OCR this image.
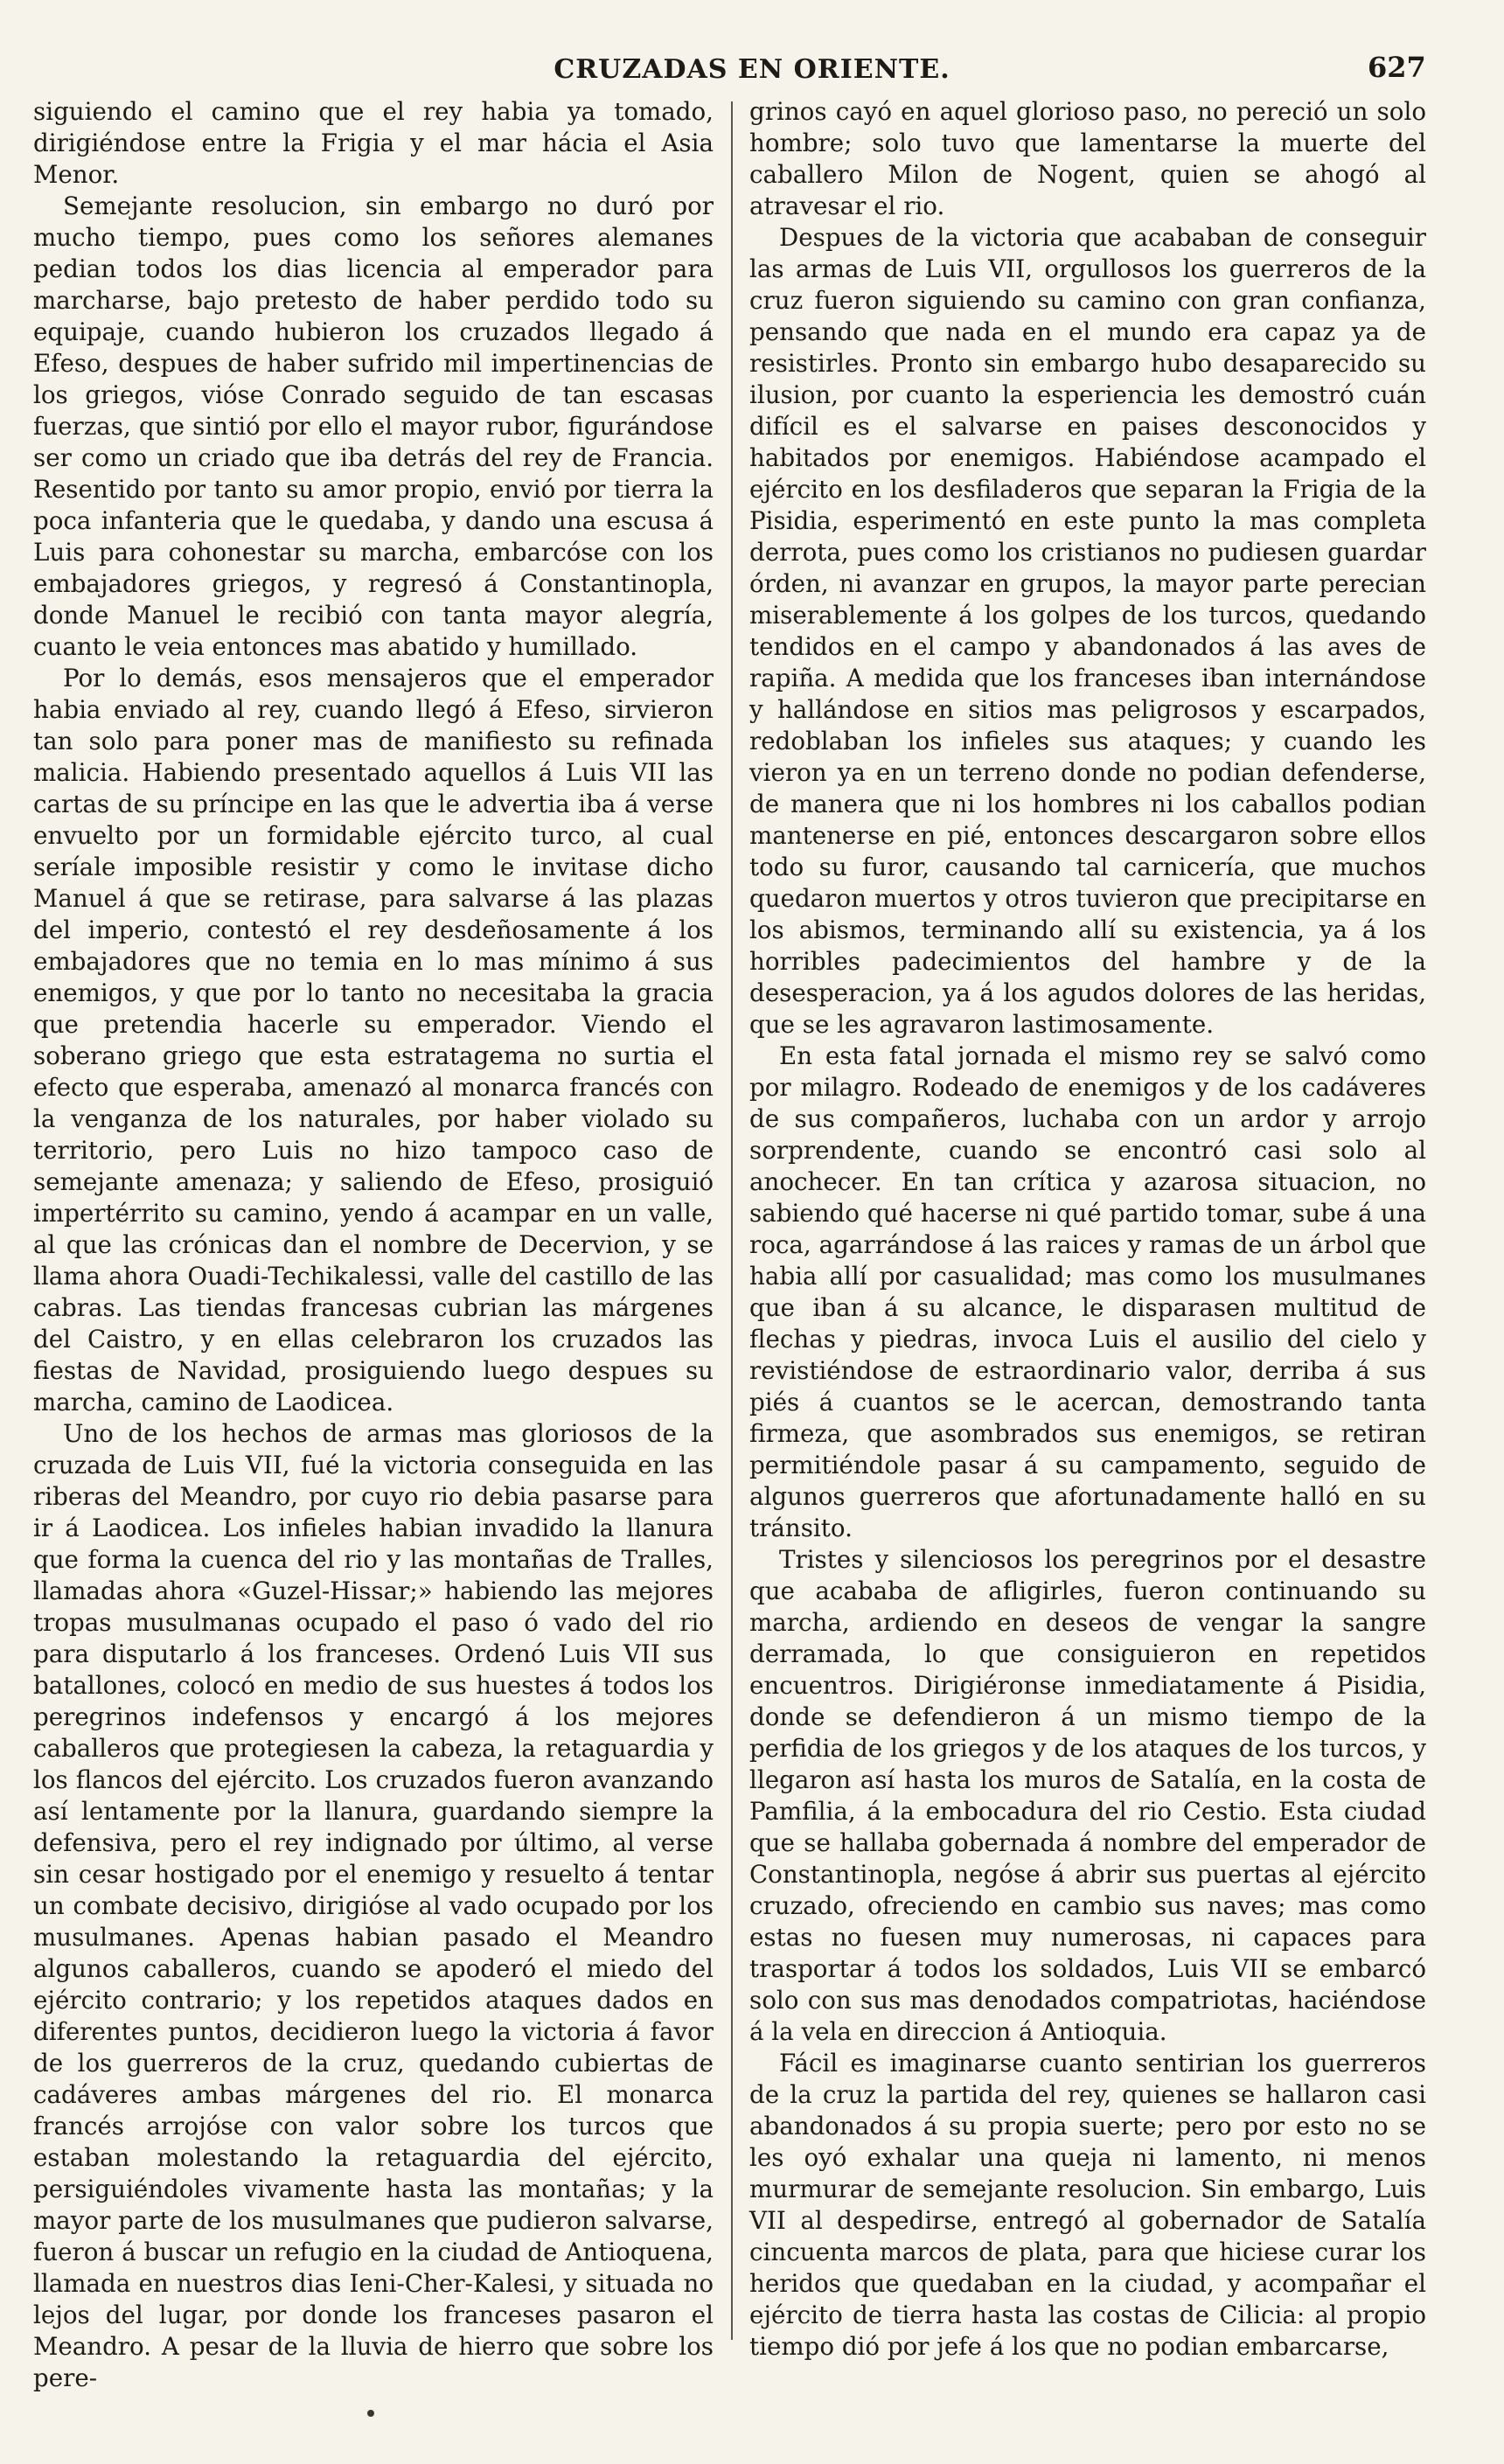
CRUZADAS EN ORIENTE.	627

siguiendo el camino que el rey habia ya tomado, dirigiéndose entre la Frigia y el mar hácia el Asia Menor.

Semejante resolucion, sin embargo no duró por mucho tiempo, pues como los señores alemanes pedian todos los dias licencia al emperador para marcharse, bajo pretesto de haber perdido todo su equipaje, cuando hubieron los cruzados llegado á Efeso, despues de haber sufrido mil impertinencias de los griegos, vióse Conrado seguido de tan escasas fuerzas, que sintió por ello el mayor rubor, figurándose ser como un criado que iba detrás del rey de Francia. Resentido por tanto su amor propio, envió por tierra la poca infanteria que le quedaba, y dando una escusa á Luis para cohonestar su marcha, embarcóse con los embajadores griegos, y regresó á Constantinopla, donde Manuel le recibió con tanta mayor alegría, cuanto le veia entonces mas abatido y humillado.

Por lo demás, esos mensajeros que el emperador habia enviado al rey, cuando llegó á Efeso, sirvieron tan solo para poner mas de manifiesto su refinada malicia. Habiendo presentado aquellos á Luis VII las cartas de su príncipe en las que le advertia iba á verse envuelto por un formidable ejército turco, al cual seríale imposible resistir y como le invitase dicho Manuel á que se retirase, para salvarse á las plazas del imperio, contestó el rey desdeñosamente á los embajadores que no temia en lo mas mínimo á sus enemigos, y que por lo tanto no necesitaba la gracia que pretendia hacerle su emperador. Viendo el soberano griego que esta estratagema no surtia el efecto que esperaba, amenazó al monarca francés con la venganza de los naturales, por haber violado su territorio, pero Luis no hizo tampoco caso de semejante amenaza; y saliendo de Efeso, prosiguió impertérrito su camino, yendo á acampar en un valle, al que las crónicas dan el nombre de Decervion, y se llama ahora Ouadi-Techikalessi, valle del castillo de las cabras. Las tiendas francesas cubrian las márgenes del Caistro, y en ellas celebraron los cruzados las fiestas de Navidad, prosiguiendo luego despues su marcha, camino de Laodicea.

Uno de los hechos de armas mas gloriosos de la cruzada de Luis VII, fué la victoria conseguida en las riberas del Meandro, por cuyo rio debia pasarse para ir á Laodicea. Los infieles habian invadido la llanura que forma la cuenca del rio y las montañas de Tralles, llamadas ahora «Guzel-Hissar;» habiendo las mejores tropas musulmanas ocupado el paso ó vado del rio para disputarlo á los franceses. Ordenó Luis VII sus batallones, colocó en medio de sus huestes á todos los peregrinos indefensos y encargó á los mejores caballeros que protegiesen la cabeza, la retaguardia y los flancos del ejército. Los cruzados fueron avanzando así lentamente por la llanura, guardando siempre la defensiva, pero el rey indignado por último, al verse sin cesar hostigado por el enemigo y resuelto á tentar un combate decisivo, dirigióse al vado ocupado por los musulmanes. Apenas habian pasado el Meandro algunos caballeros, cuando se apoderó el miedo del ejército contrario; y los repetidos ataques dados en diferentes puntos, decidieron luego la victoria á favor de los guerreros de la cruz, quedando cubiertas de cadáveres ambas márgenes del rio. El monarca francés arrojóse con valor sobre los turcos que estaban molestando la retaguardia del ejército, persiguiéndoles vivamente hasta las montañas; y la mayor parte de los musulmanes que pudieron salvarse, fueron á buscar un refugio en la ciudad de Antioquena, llamada en nuestros dias Ieni-Cher-Kalesi, y situada no lejos del lugar, por donde los franceses pasaron el Meandro. A pesar de la lluvia de hierro que sobre los pere-

grinos cayó en aquel glorioso paso, no pereció un solo hombre; solo tuvo que lamentarse la muerte del caballero Milon de Nogent, quien se ahogó al atravesar el rio.

Despues de la victoria que acababan de conseguir las armas de Luis VII, orgullosos los guerreros de la cruz fueron siguiendo su camino con gran confianza, pensando que nada en el mundo era capaz ya de resistirles. Pronto sin embargo hubo desaparecido su ilusion, por cuanto la esperiencia les demostró cuán difícil es el salvarse en paises desconocidos y habitados por enemigos. Habiéndose acampado el ejército en los desfiladeros que separan la Frigia de la Pisidia, esperimentó en este punto la mas completa derrota, pues como los cristianos no pudiesen guardar órden, ni avanzar en grupos, la mayor parte perecian miserablemente á los golpes de los turcos, quedando tendidos en el campo y abandonados á las aves de rapiña. A medida que los franceses iban internándose y hallándose en sitios mas peligrosos y escarpados, redoblaban los infieles sus ataques; y cuando les vieron ya en un terreno donde no podian defenderse, de manera que ni los hombres ni los caballos podian mantenerse en pié, entonces descargaron sobre ellos todo su furor, causando tal carnicería, que muchos quedaron muertos y otros tuvieron que precipitarse en los abismos, terminando allí su existencia, ya á los horribles padecimientos del hambre y de la desesperacion, ya á los agudos dolores de las heridas, que se les agravaron lastimosamente.

En esta fatal jornada el mismo rey se salvó como por milagro. Rodeado de enemigos y de los cadáveres de sus compañeros, luchaba con un ardor y arrojo sorprendente, cuando se encontró casi solo al anochecer. En tan crítica y azarosa situacion, no sabiendo qué hacerse ni qué partido tomar, sube á una roca, agarrándose á las raices y ramas de un árbol que habia allí por casualidad; mas como los musulmanes que iban á su alcance, le disparasen multitud de flechas y piedras, invoca Luis el ausilio del cielo y revistiéndose de estraordinario valor, derriba á sus piés á cuantos se le acercan, demostrando tanta firmeza, que asombrados sus enemigos, se retiran permitiéndole pasar á su campamento, seguido de algunos guerreros que afortunadamente halló en su tránsito.

Tristes y silenciosos los peregrinos por el desastre que acababa de afligirles, fueron continuando su marcha, ardiendo en deseos de vengar la sangre derramada, lo que consiguieron en repetidos encuentros. Dirigiéronse inmediatamente á Pisidia, donde se defendieron á un mismo tiempo de la perfidia de los griegos y de los ataques de los turcos, y llegaron así hasta los muros de Satalía, en la costa de Pamfilia, á la embocadura del rio Cestio. Esta ciudad que se hallaba gobernada á nombre del emperador de Constantinopla, negóse á abrir sus puertas al ejército cruzado, ofreciendo en cambio sus naves; mas como estas no fuesen muy numerosas, ni capaces para trasportar á todos los soldados, Luis VII se embarcó solo con sus mas denodados compatriotas, haciéndose á la vela en direccion á Antioquia.

Fácil es imaginarse cuanto sentirian los guerreros de la cruz la partida del rey, quienes se hallaron casi abandonados á su propia suerte; pero por esto no se les oyó exhalar una queja ni lamento, ni menos murmurar de semejante resolucion. Sin embargo, Luis VII al despedirse, entregó al gobernador de Satalía cincuenta marcos de plata, para que hiciese curar los heridos que quedaban en la ciudad, y acompañar el ejército de tierra hasta las costas de Cilicia: al propio tiempo dió por jefe á los que no podian embarcarse,
